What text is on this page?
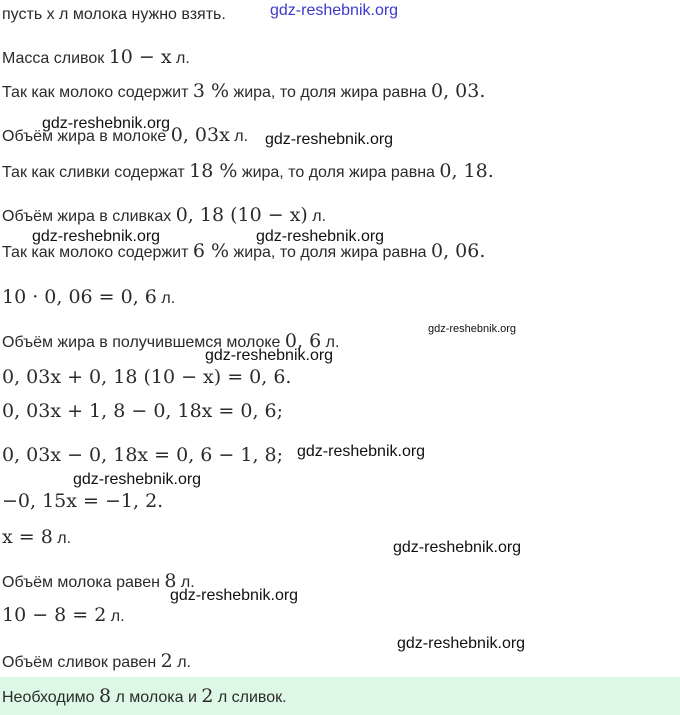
пусть x л молока нужно взять.
Масса сливок 10 − x л.
Так как молоко содержит 3 % жира, то доля жира равна 0, 03.
Объём жира в молоке 0, 03x л.
Так как сливки содержат 18 % жира, то доля жира равна 0, 18.
Объём жира в сливках 0, 18 (10 − x) л.
Так как молоко содержит 6 % жира, то доля жира равна 0, 06.
10 · 0, 06 = 0, 6 л.
Объём жира в получившемся молоке 0, 6 л.
0, 03x + 0, 18 (10 − x) = 0, 6.
0, 03x + 1, 8 − 0, 18x = 0, 6;
0, 03x − 0, 18x = 0, 6 − 1, 8;
−0, 15x = −1, 2.
x = 8 л.
Объём молока равен 8 л.
10 − 8 = 2 л.
Объём сливок равен 2 л.
Необходимо 8 л молока и 2 л сливок.
gdz-reshebnik.org
gdz-reshebnik.org
gdz-reshebnik.org
gdz-reshebnik.org	gdz-reshebnik.org
gdz-reshebnik.org
gdz-reshebnik.org
gdz-reshebnik.org
gdz-reshebnik.org
gdz-reshebnik.org
gdz-reshebnik.org
gdz-reshebnik.org
